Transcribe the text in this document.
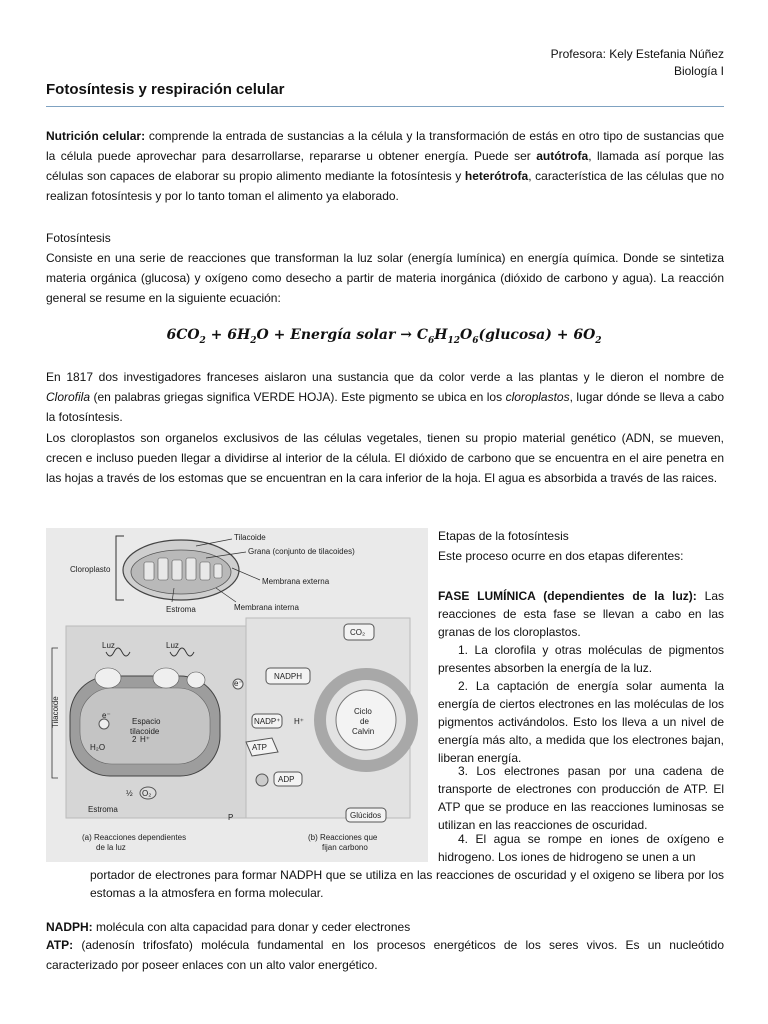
Profesora: Kely Estefania Núñez
Biología I
Fotosíntesis y respiración celular

Nutrición celular: comprende la entrada de sustancias a la célula y la transformación de estás en otro tipo de sustancias que la célula puede aprovechar para desarrollarse, repararse u obtener energía. Puede ser autótrofa, llamada así porque las células son capaces de elaborar su propio alimento mediante la fotosíntesis y heterótrofa, característica de las células que no realizan fotosíntesis y por lo tanto toman el alimento ya elaborado.

Fotosíntesis

Consiste en una serie de reacciones que transforman la luz solar (energía lumínica) en energía química. Donde se sintetiza materia orgánica (glucosa) y oxígeno como desecho a partir de materia inorgánica (dióxido de carbono y agua). La reacción general se resume en la siguiente ecuación:

$6CO_2 + 6H_2O$ + Energía solar → $C_6H_{12}O_6(glucosa) + 6O_2$

En 1817 dos investigadores franceses aislaron una sustancia que da color verde a las plantas y le dieron el nombre de Clorofila (en palabras griegas significa VERDE HOJA). Este pigmento se ubica en los cloroplastos, lugar dónde se lleva a cabo la fotosíntesis.

Los cloroplastos son organelos exclusivos de las células vegetales, tienen su propio material genético (ADN, se mueven, crecen e incluso pueden llegar a dividirse al interior de la célula. El dióxido de carbono que se encuentra en el aire penetra en las hojas a través de los estomas que se encuentran en la cara inferior de la hoja. El agua es absorbida a través de las raices.

Tilacoide
Grana (conjunto de tilacoides)
Cloroplasto
Membrana externa
Estroma	Membrana interna
Tilacoide
Luz	Luz
Espacio
tilacoide
2 H⁺
e⁻
H₂O
½ O₂
Estroma
e⁻
NADPH
NADP⁺ H⁺
ATP
ADP
CO₂
Ciclo
de
Calvin
Glúcidos
P
(a) Reacciones dependientes
de la luz
(b) Reacciones que
fijan carbono

Etapas de la fotosíntesis

Este proceso ocurre en dos etapas diferentes:

FASE LUMÍNICA (dependientes de la luz): Las reacciones de esta fase se llevan a cabo en las granas de los cloroplastos.

1. La clorofila y otras moléculas de pigmentos presentes absorben la energía de la luz.

2. La captación de energía solar aumenta la energía de ciertos electrones en las moléculas de los pigmentos activándolos. Esto los lleva a un nivel de energía más alto, a medida que los electrones bajan, liberan energía.

3. Los electrones pasan por una cadena de transporte de electrones con producción de ATP. El ATP que se produce en las reacciones luminosas se utilizan en las reacciones de oscuridad.

4. El agua se rompe en iones de oxígeno e hidrogeno. Los iones de hidrogeno se unen a un

portador de electrones para formar NADPH que se utiliza en las reacciones de oscuridad y el oxigeno se libera por los estomas a la atmosfera en forma molecular.

NADPH: molécula con alta capacidad para donar y ceder electrones

ATP: (adenosín trifosfato) molécula fundamental en los procesos energéticos de los seres vivos. Es un nucleótido caracterizado por poseer enlaces con un alto valor energético.
